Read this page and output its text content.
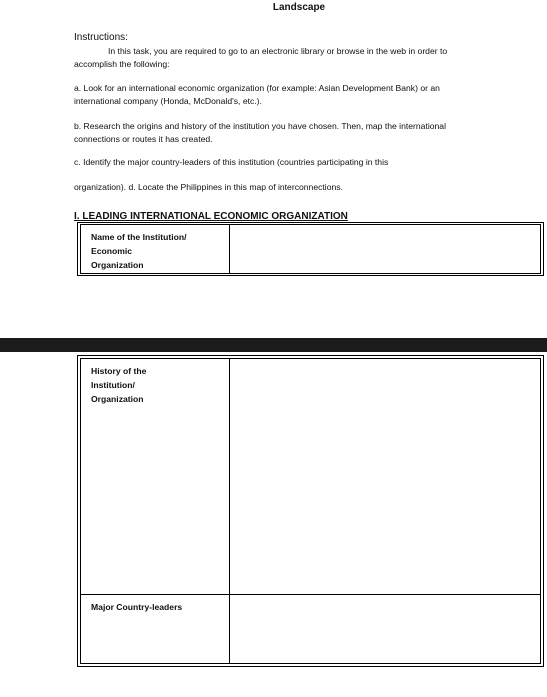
Landscape
Instructions:
In this task, you are required to go to an electronic library or browse in the web in order to
accomplish the following:
a. Look for an international economic organization (for example: Asian Development Bank) or an
international company (Honda, McDonald's, etc.).
b. Research the origins and history of the institution you have chosen. Then, map the international
connections or routes it has created.
c. Identify the major country-leaders of this institution (countries participating in this
organization). d. Locate the Philippines in this map of interconnections.
I. LEADING INTERNATIONAL ECONOMIC ORGANIZATION
Name of the Institution/
Economic
Organization
History of the
Institution/
Organization
Major Country-leaders
